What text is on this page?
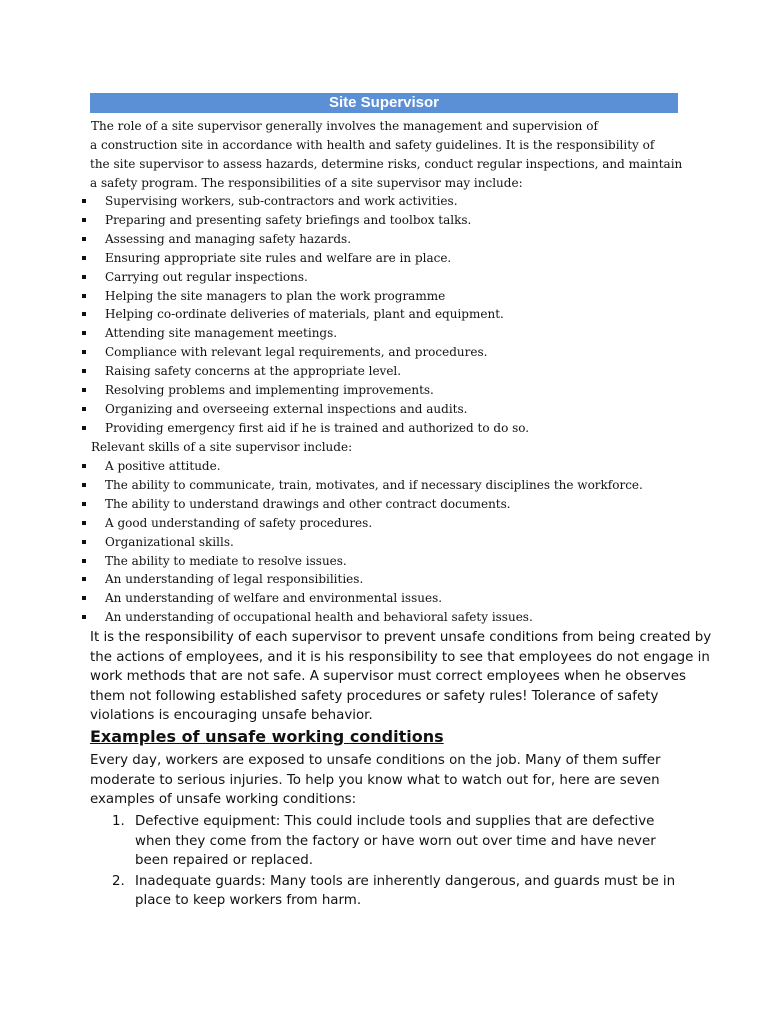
Site Supervisor
The role of a site supervisor generally involves the management and supervision of
a construction site in accordance with health and safety guidelines. It is the responsibility of
the site supervisor to assess hazards, determine risks, conduct regular inspections, and maintain
a safety program. The responsibilities of a site supervisor may include:
Supervising workers, sub-contractors and work activities.
Preparing and presenting safety briefings and toolbox talks.
Assessing and managing safety hazards.
Ensuring appropriate site rules and welfare are in place.
Carrying out regular inspections.
Helping the site managers to plan the work programme
Helping co-ordinate deliveries of materials, plant and equipment.
Attending site management meetings.
Compliance with relevant legal requirements, and procedures.
Raising safety concerns at the appropriate level.
Resolving problems and implementing improvements.
Organizing and overseeing external inspections and audits.
Providing emergency first aid if he is trained and authorized to do so.
Relevant skills of a site supervisor include:
A positive attitude.
The ability to communicate, train, motivates, and if necessary disciplines the workforce.
The ability to understand drawings and other contract documents.
A good understanding of safety procedures.
Organizational skills.
The ability to mediate to resolve issues.
An understanding of legal responsibilities.
An understanding of welfare and environmental issues.
An understanding of occupational health and behavioral safety issues.
It is the responsibility of each supervisor to prevent unsafe conditions from being created by
the actions of employees, and it is his responsibility to see that employees do not engage in
work methods that are not safe. A supervisor must correct employees when he observes
them not following established safety procedures or safety rules! Tolerance of safety
violations is encouraging unsafe behavior.
Examples of unsafe working conditions
Every day, workers are exposed to unsafe conditions on the job. Many of them suffer
moderate to serious injuries. To help you know what to watch out for, here are seven
examples of unsafe working conditions:
1. Defective equipment: This could include tools and supplies that are defective
when they come from the factory or have worn out over time and have never
been repaired or replaced.
2. Inadequate guards: Many tools are inherently dangerous, and guards must be in
place to keep workers from harm.
